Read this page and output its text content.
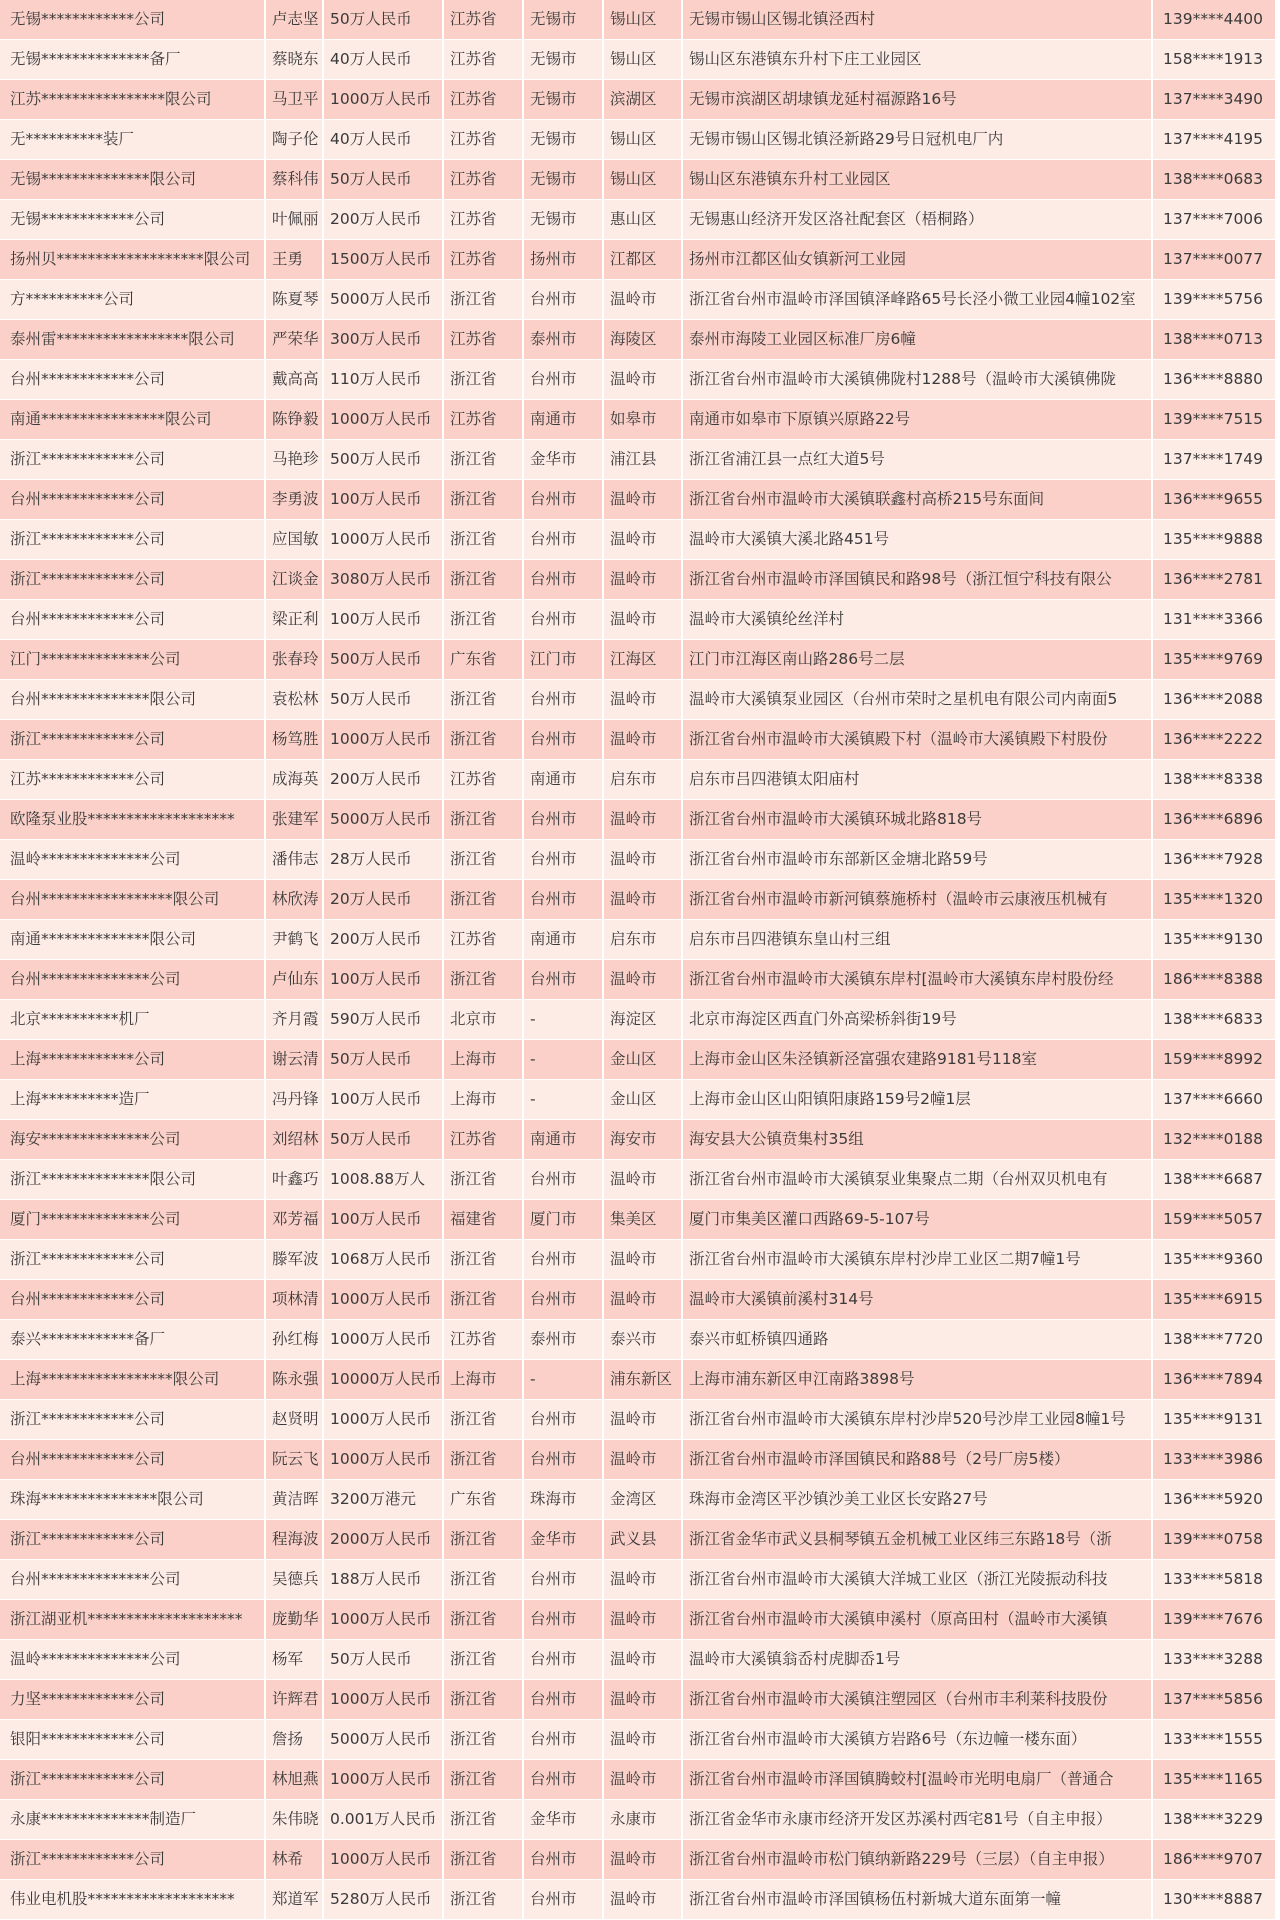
无锡************公司	卢志坚 50万人民币	江苏省	无锡市	锡山区	无锡市锡山区锡北镇泾西村	139****4400
无锡**************备厂	蔡晓东 40万人民币	江苏省	无锡市	锡山区	锡山区东港镇东升村下庄工业园区	158****1913
江苏****************限公司	马卫平 1000万人民币	江苏省	无锡市	滨湖区	无锡市滨湖区胡埭镇龙延村福源路16号	137****3490
无**********装厂	陶子伦 40万人民币	江苏省	无锡市	锡山区	无锡市锡山区锡北镇泾新路29号日冠机电厂内	137****4195
无锡**************限公司	蔡科伟 50万人民币	江苏省	无锡市	锡山区	锡山区东港镇东升村工业园区	138****0683
无锡************公司	叶佩丽 200万人民币	江苏省	无锡市	惠山区	无锡惠山经济开发区洛社配套区（梧桐路）	137****7006
扬州贝*******************限公司	王勇	1500万人民币	江苏省	扬州市	江都区	扬州市江都区仙女镇新河工业园	137****0077
方**********公司	陈夏琴 5000万人民币	浙江省	台州市	温岭市	浙江省台州市温岭市泽国镇泽峰路65号长泾小微工业园4幢102室	139****5756
泰州雷*****************限公司	严荣华 300万人民币	江苏省	泰州市	海陵区	泰州市海陵工业园区标准厂房6幢	138****0713
台州************公司	戴高高 110万人民币	浙江省	台州市	温岭市	浙江省台州市温岭市大溪镇佛陇村1288号（温岭市大溪镇佛陇	136****8880
南通****************限公司	陈铮毅 1000万人民币	江苏省	南通市	如皋市	南通市如皋市下原镇兴原路22号	139****7515
浙江************公司	马艳珍 500万人民币	浙江省	金华市	浦江县	浙江省浦江县一点红大道5号	137****1749
台州************公司	李勇波 100万人民币	浙江省	台州市	温岭市	浙江省台州市温岭市大溪镇联鑫村高桥215号东面间	136****9655
浙江************公司	应国敏 1000万人民币	浙江省	台州市	温岭市	温岭市大溪镇大溪北路451号	135****9888
浙江************公司	江谈金 3080万人民币	浙江省	台州市	温岭市	浙江省台州市温岭市泽国镇民和路98号（浙江恒宁科技有限公	136****2781
台州************公司	梁正利 100万人民币	浙江省	台州市	温岭市	温岭市大溪镇纶丝洋村	131****3366
江门**************公司	张春玲 500万人民币	广东省	江门市	江海区	江门市江海区南山路286号二层	135****9769
台州**************限公司	袁松林 50万人民币	浙江省	台州市	温岭市	温岭市大溪镇泵业园区（台州市荣时之星机电有限公司内南面5	136****2088
浙江************公司	杨笃胜 1000万人民币	浙江省	台州市	温岭市	浙江省台州市温岭市大溪镇殿下村（温岭市大溪镇殿下村股份	136****2222
江苏************公司	成海英 200万人民币	江苏省	南通市	启东市	启东市吕四港镇太阳庙村	138****8338
欧隆泵业股*******************	张建军 5000万人民币	浙江省	台州市	温岭市	浙江省台州市温岭市大溪镇环城北路818号	136****6896
温岭**************公司	潘伟志 28万人民币	浙江省	台州市	温岭市	浙江省台州市温岭市东部新区金塘北路59号	136****7928
台州*****************限公司	林欣涛 20万人民币	浙江省	台州市	温岭市	浙江省台州市温岭市新河镇蔡施桥村（温岭市云康液压机械有	135****1320
南通**************限公司	尹鹤飞 200万人民币	江苏省	南通市	启东市	启东市吕四港镇东皇山村三组	135****9130
台州**************公司	卢仙东 100万人民币	浙江省	台州市	温岭市	浙江省台州市温岭市大溪镇东岸村[温岭市大溪镇东岸村股份经	186****8388
北京**********机厂	齐月霞 590万人民币	北京市	-	海淀区	北京市海淀区西直门外高梁桥斜街19号	138****6833
上海************公司	谢云清 50万人民币	上海市	-	金山区	上海市金山区朱泾镇新泾富强农建路9181号118室	159****8992
上海**********造厂	冯丹锋 100万人民币	上海市	-	金山区	上海市金山区山阳镇阳康路159号2幢1层	137****6660
海安**************公司	刘绍林 50万人民币	江苏省	南通市	海安市	海安县大公镇贲集村35组	132****0188
浙江**************限公司	叶鑫巧 1008.88万人	浙江省	台州市	温岭市	浙江省台州市温岭市大溪镇泵业集聚点二期（台州双贝机电有	138****6687
厦门**************公司	邓芳福 100万人民币	福建省	厦门市	集美区	厦门市集美区灌口西路69-5-107号	159****5057
浙江************公司	滕军波 1068万人民币	浙江省	台州市	温岭市	浙江省台州市温岭市大溪镇东岸村沙岸工业区二期7幢1号	135****9360
台州************公司	项林清 1000万人民币	浙江省	台州市	温岭市	温岭市大溪镇前溪村314号	135****6915
泰兴************备厂	孙红梅 1000万人民币	江苏省	泰州市	泰兴市	泰兴市虹桥镇四通路	138****7720
上海*****************限公司	陈永强 10000万人民币 上海市	-	浦东新区	上海市浦东新区申江南路3898号	136****7894
浙江************公司	赵贤明 1000万人民币	浙江省	台州市	温岭市	浙江省台州市温岭市大溪镇东岸村沙岸520号沙岸工业园8幢1号	135****9131
台州************公司	阮云飞 1000万人民币	浙江省	台州市	温岭市	浙江省台州市温岭市泽国镇民和路88号（2号厂房5楼）	133****3986
珠海***************限公司	黄洁晖 3200万港元	广东省	珠海市	金湾区	珠海市金湾区平沙镇沙美工业区长安路27号	136****5920
浙江************公司	程海波 2000万人民币	浙江省	金华市	武义县	浙江省金华市武义县桐琴镇五金机械工业区纬三东路18号（浙	139****0758
台州**************公司	吴德兵 188万人民币	浙江省	台州市	温岭市	浙江省台州市温岭市大溪镇大洋城工业区（浙江光陵振动科技	133****5818
浙江湖亚机********************	庞勤华 1000万人民币	浙江省	台州市	温岭市	浙江省台州市温岭市大溪镇申溪村（原高田村（温岭市大溪镇	139****7676
温岭**************公司	杨军	50万人民币	浙江省	台州市	温岭市	温岭市大溪镇翁岙村虎脚岙1号	133****3288
力坚************公司	许辉君 1000万人民币	浙江省	台州市	温岭市	浙江省台州市温岭市大溪镇注塑园区（台州市丰利莱科技股份	137****5856
银阳************公司	詹扬	5000万人民币	浙江省	台州市	温岭市	浙江省台州市温岭市大溪镇方岩路6号（东边幢一楼东面）	133****1555
浙江************公司	林旭燕 1000万人民币	浙江省	台州市	温岭市	浙江省台州市温岭市泽国镇腾蛟村[温岭市光明电扇厂（普通合	135****1165
永康**************制造厂	朱伟晓 0.001万人民币 浙江省	金华市	永康市	浙江省金华市永康市经济开发区苏溪村西宅81号（自主申报）	138****3229
浙江************公司	林希	1000万人民币	浙江省	台州市	温岭市	浙江省台州市温岭市松门镇纳新路229号（三层）（自主申报）	186****9707
伟业电机股*******************	郑道军 5280万人民币	浙江省	台州市	温岭市	浙江省台州市温岭市泽国镇杨伍村新城大道东面第一幢	130****8887
